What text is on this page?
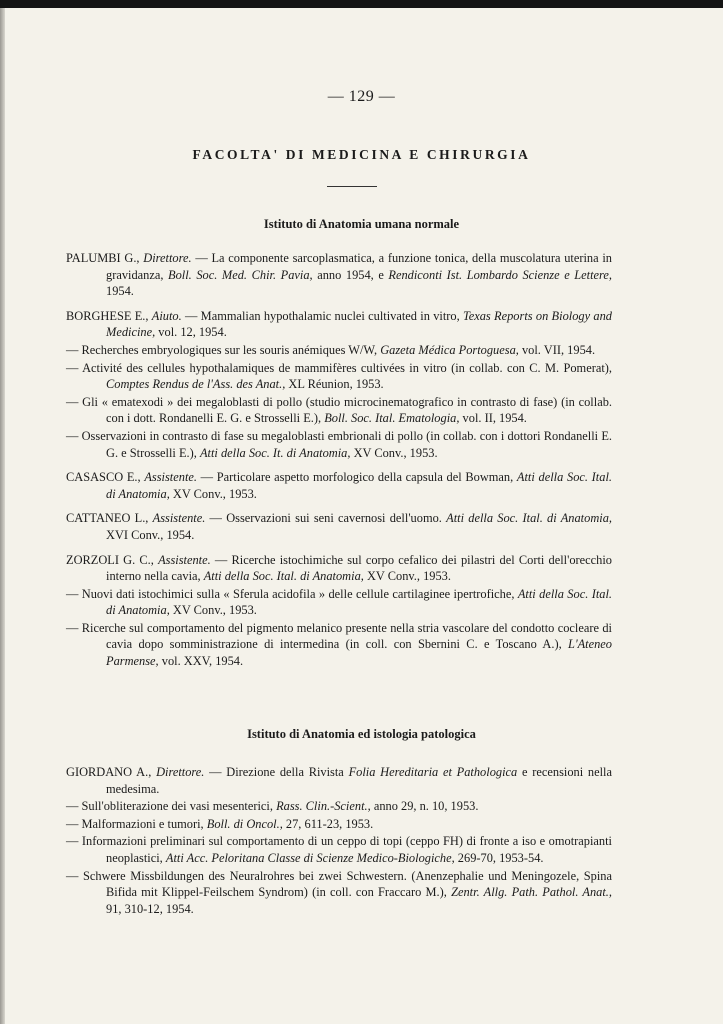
— 129 —
FACOLTA' DI MEDICINA E CHIRURGIA
Istituto di Anatomia umana normale

PALUMBI G., Direttore. — La componente sarcoplasmatica, a funzione tonica, della muscolatura uterina in gravidanza, Boll. Soc. Med. Chir. Pavia, anno 1954, e Rendiconti Ist. Lombardo Scienze e Lettere, 1954.

BORGHESE E., Aiuto. — Mammalian hypothalamic nuclei cultivated in vitro, Texas Reports on Biology and Medicine, vol. 12, 1954.

— Recherches embryologiques sur les souris anémiques W/W, Gazeta Médica Portoguesa, vol. VII, 1954.

— Activité des cellules hypothalamiques de mammifères cultivées in vitro (in collab. con C. M. Pomerat), Comptes Rendus de l'Ass. des Anat., XL Réunion, 1953.

— Gli « ematexodi » dei megaloblasti di pollo (studio microcinematografico in contrasto di fase) (in collab. con i dott. Rondanelli E. G. e Strosselli E.), Boll. Soc. Ital. Ematologia, vol. II, 1954.

— Osservazioni in contrasto di fase su megaloblasti embrionali di pollo (in collab. con i dottori Rondanelli E. G. e Strosselli E.), Atti della Soc. It. di Anatomia, XV Conv., 1953.

CASASCO E., Assistente. — Particolare aspetto morfologico della capsula del Bowman, Atti della Soc. Ital. di Anatomia, XV Conv., 1953.

CATTANEO L., Assistente. — Osservazioni sui seni cavernosi dell'uomo. Atti della Soc. Ital. di Anatomia, XVI Conv., 1954.

ZORZOLI G. C., Assistente. — Ricerche istochimiche sul corpo cefalico dei pilastri del Corti dell'orecchio interno nella cavia, Atti della Soc. Ital. di Anatomia, XV Conv., 1953.

— Nuovi dati istochimici sulla « Sferula acidofila » delle cellule cartilaginee ipertrofiche, Atti della Soc. Ital. di Anatomia, XV Conv., 1953.

— Ricerche sul comportamento del pigmento melanico presente nella stria vascolare del condotto cocleare di cavia dopo somministrazione di intermedina (in coll. con Sbernini C. e Toscano A.), L'Ateneo Parmense, vol. XXV, 1954.

Istituto di Anatomia ed istologia patologica

GIORDANO A., Direttore. — Direzione della Rivista Folia Hereditaria et Pathologica e recensioni nella medesima.

— Sull'obliterazione dei vasi mesenterici, Rass. Clin.-Scient., anno 29, n. 10, 1953.

— Malformazioni e tumori, Boll. di Oncol., 27, 611-23, 1953.

— Informazioni preliminari sul comportamento di un ceppo di topi (ceppo FH) di fronte a iso e omotrapianti neoplastici, Atti Acc. Peloritana Classe di Scienze Medico-Biologiche, 269-70, 1953-54.

— Schwere Missbildungen des Neuralrohres bei zwei Schwestern. (Anenzephalie und Meningozele, Spina Bifida mit Klippel-Feilschem Syndrom) (in coll. con Fraccaro M.), Zentr. Allg. Path. Pathol. Anat., 91, 310-12, 1954.
